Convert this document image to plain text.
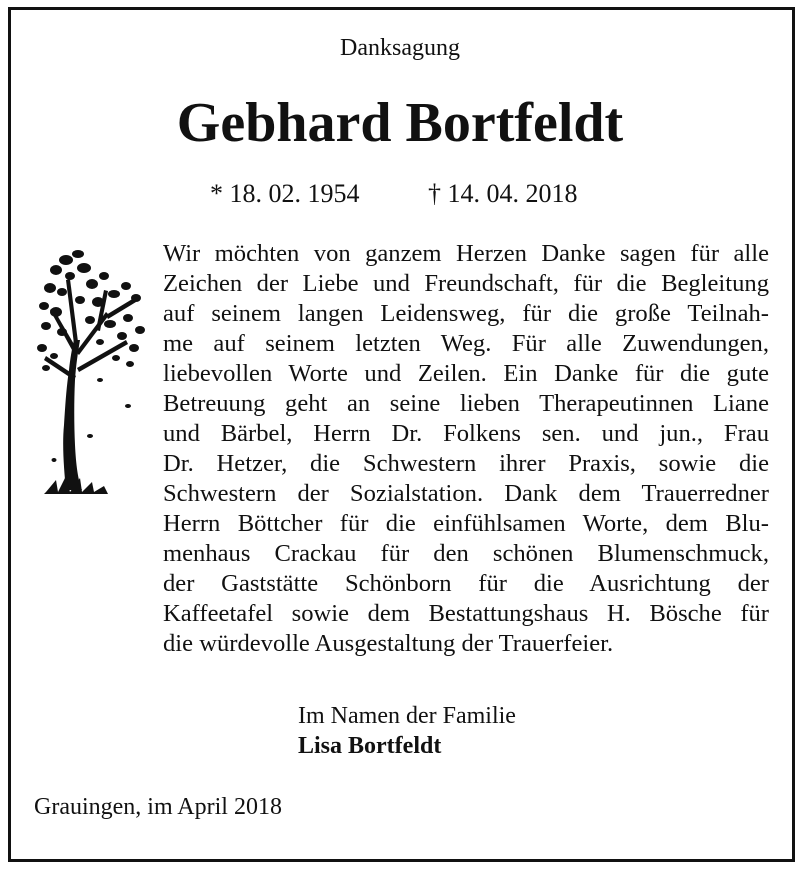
Danksagung
Gebhard Bortfeldt
* 18. 02. 1954	† 14. 04. 2018
Wir möchten von ganzem Herzen Danke sagen für alle
Zeichen der Liebe und Freundschaft, für die Begleitung
auf seinem langen Leidensweg, für die große Teilnah-
me auf seinem letzten Weg. Für alle Zuwendungen,
liebevollen Worte und Zeilen. Ein Danke für die gute
Betreuung geht an seine lieben Therapeutinnen Liane
und Bärbel, Herrn Dr. Folkens sen. und jun., Frau
Dr. Hetzer, die Schwestern ihrer Praxis, sowie die
Schwestern der Sozialstation. Dank dem Trauerredner
Herrn Böttcher für die einfühlsamen Worte, dem Blu-
menhaus Crackau für den schönen Blumenschmuck,
der Gaststätte Schönborn für die Ausrichtung der
Kaffeetafel sowie dem Bestattungshaus H. Bösche für
die würdevolle Ausgestaltung der Trauerfeier.
Im Namen der Familie
Lisa Bortfeldt
Grauingen, im April 2018
